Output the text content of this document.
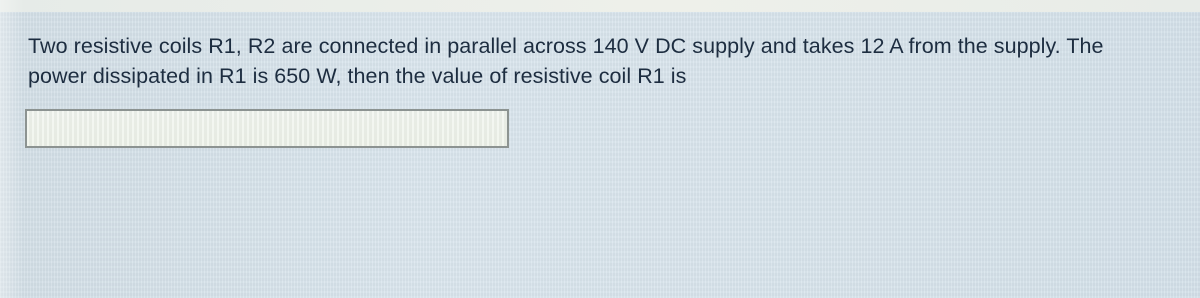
Two resistive coils R1, R2 are connected in parallel across 140 V DC supply and takes 12 A from the supply. The
power dissipated in R1 is 650 W, then the value of resistive coil R1 is
